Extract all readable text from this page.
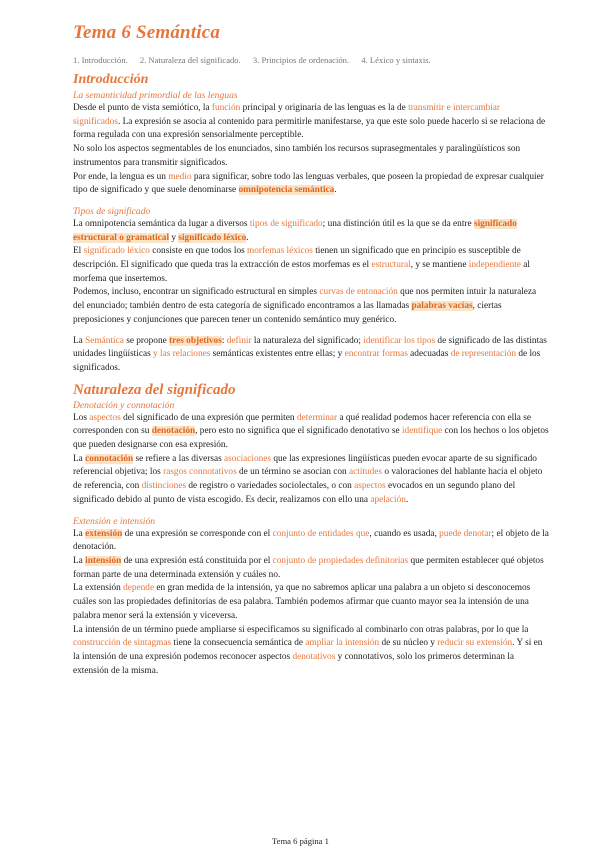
Tema 6 Semántica
1. Introducción. 2. Naturaleza del significado. 3. Principios de ordenación. 4. Léxico y sintaxis.
Introducción
La semanticidad primordial de las lenguas

Desde el punto de vista semiótico, la función principal y originaria de las lenguas es la de transmitir e intercambiar significados. La expresión se asocia al contenido para permitirle manifestarse, ya que este solo puede hacerlo si se relaciona de forma regulada con una expresión sensorialmente perceptible.

No solo los aspectos segmentables de los enunciados, sino también los recursos suprasegmentales y paralingüísticos son instrumentos para transmitir significados.

Por ende, la lengua es un medio para significar, sobre todo las lenguas verbales, que poseen la propiedad de expresar cualquier tipo de significado y que suele denominarse omnipotencia semántica.

Tipos de significado

La omnipotencia semántica da lugar a diversos tipos de significado; una distinción útil es la que se da entre significado estructural o gramatical y significado léxico.

El significado léxico consiste en que todos los morfemas léxicos tienen un significado que en principio es susceptible de descripción. El significado que queda tras la extracción de estos morfemas es el estructural, y se mantiene independiente al morfema que insertemos.

Podemos, incluso, encontrar un significado estructural en simples curvas de entonación que nos permiten intuir la naturaleza del enunciado; también dentro de esta categoría de significado encontramos a las llamadas palabras vacías, ciertas preposiciones y conjunciones que parecen tener un contenido semántico muy genérico.

La Semántica se propone tres objetivos: definir la naturaleza del significado; identificar los tipos de significado de las distintas unidades lingüísticas y las relaciones semánticas existentes entre ellas; y encontrar formas adecuadas de representación de los significados.

Naturaleza del significado
Denotación y connotación

Los aspectos del significado de una expresión que permiten determinar a qué realidad podemos hacer referencia con ella se corresponden con su denotación, pero esto no significa que el significado denotativo se identifique con los hechos o los objetos que pueden designarse con esa expresión.

La connotación se refiere a las diversas asociaciones que las expresiones lingüísticas pueden evocar aparte de su significado referencial objetiva; los rasgos connotativos de un término se asocian con actitudes o valoraciones del hablante hacia el objeto de referencia, con distinciones de registro o variedades sociolectales, o con aspectos evocados en un segundo plano del significado debido al punto de vista escogido. Es decir, realizamos con ello una apelación.

Extensión e intensión

La extensión de una expresión se corresponde con el conjunto de entidades que, cuando es usada, puede denotar; el objeto de la denotación.

La intensión de una expresión está constituida por el conjunto de propiedades definitorias que permiten establecer qué objetos forman parte de una determinada extensión y cuáles no.

La extensión depende en gran medida de la intensión, ya que no sabremos aplicar una palabra a un objeto si desconocemos cuáles son las propiedades definitorias de esa palabra. También podemos afirmar que cuanto mayor sea la intensión de una palabra menor será la extensión y viceversa.

La intensión de un término puede ampliarse si especificamos su significado al combinarlo con otras palabras, por lo que la construcción de sintagmas tiene la consecuencia semántica de ampliar la intensión de su núcleo y reducir su extensión. Y si en la intensión de una expresión podemos reconocer aspectos denotativos y connotativos, solo los primeros determinan la extensión de la misma.

Tema 6 página 1
